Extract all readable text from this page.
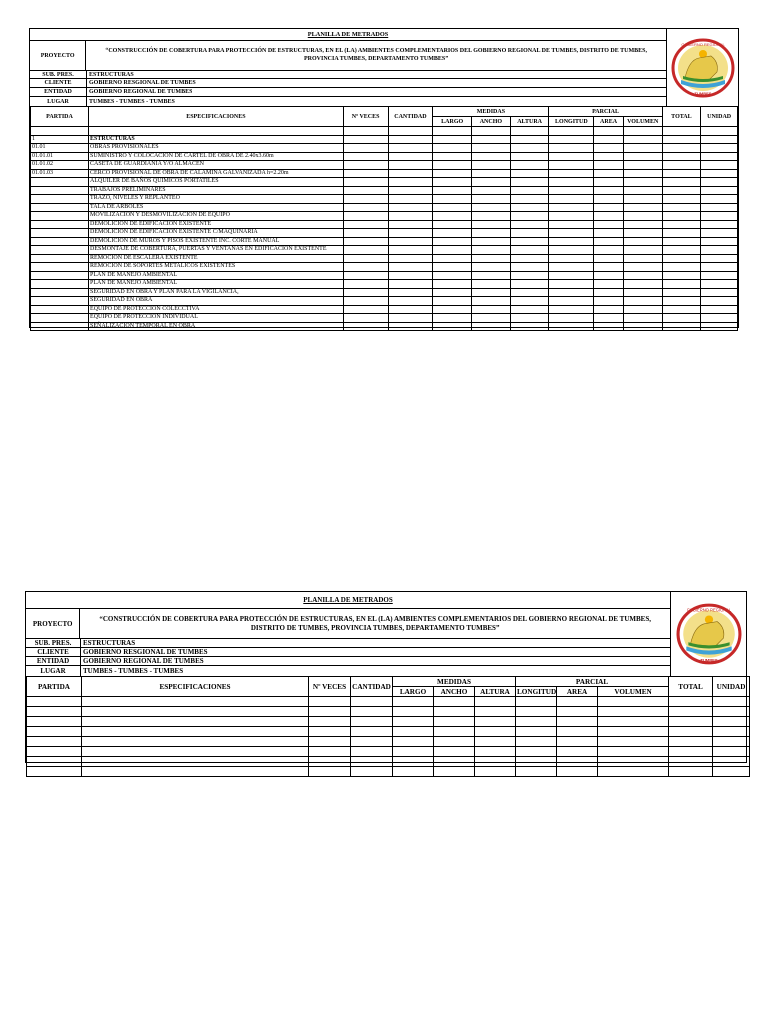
PLANILLA DE METRADOS
PROYECTO
“CONSTRUCCIÓN DE COBERTURA PARA PROTECCIÓN DE ESTRUCTURAS, EN EL (LA) AMBIENTES COMPLEMENTARIOS DEL GOBIERNO REGIONAL DE TUMBES, DISTRITO DE TUMBES, PROVINCIA TUMBES, DEPARTAMENTO TUMBES”
SUB. PRES.	ESTRUCTURAS
CLIENTE	GOBIERNO RESGIONAL DE TUMBES
ENTIDAD	GOBIERNO REGIONAL DE TUMBES
LUGAR	TUMBES - TUMBES - TUMBES
GOBIERNO REGIONAL
TUMBES
PARTIDA	ESPECIFICACIONES	Nº VECES	CANTIDAD	MEDIDAS			PARCIAL			TOTAL	UNIDAD
				LARGO	ANCHO	ALTURA	LONGITUD	AREA	VOLUMEN		

1	ESTRUCTURAS										
01.01	OBRAS PROVISIONALES										
01.01.01	SUMINISTRO Y COLOCACION DE CARTEL DE OBRA DE 2.40x3.60m										
01.01.02	CASETA DE GUARDIANIA Y/O ALMACEN										
01.01.03	CERCO PROVISIONAL DE OBRA DE CALAMINA GALVANIZADA h=2.20m										
	ALQUILER DE BAÑOS QUIMICOS PORTATILES										
	TRABAJOS PRELIMINARES										
	TRAZO, NIVELES Y REPLANTEO										
	TALA DE ARBOLES										
	MOVILIZACION Y DESMOVILIZACION DE EQUIPO										
	DEMOLICION DE EDIFICACION EXISTENTE										
	DEMOLICION DE EDIFICACION EXISTENTE C/MAQUINARIA										
	DEMOLICION DE MUROS Y PISOS EXISTENTE INC. CORTE MANUAL										
	DESMONTAJE DE COBERTURA, PUERTAS Y VENTANAS EN EDIFICACION EXISTENTE										
	REMOCION DE ESCALERA EXISTENTE										
	REMOCION DE SOPORTES METALICOS EXISTENTES										
	PLAN DE MANEJO AMBIENTAL										
	PLAN DE MANEJO AMBIENTAL										
	SEGURIDAD EN OBRA Y PLAN PARA LA VIGILANCIA,										
	SEGURIDAD EN OBRA										
	EQUIPO DE PROTECCION COLECCTIVA										
	EQUIPO DE PROTECCION INDIVIDUAL										
	SEÑALIZACION TEMPORAL EN OBRA										
PLANILLA DE METRADOS
PROYECTO
“CONSTRUCCIÓN DE COBERTURA PARA PROTECCIÓN DE ESTRUCTURAS, EN EL (LA) AMBIENTES COMPLEMENTARIOS DEL GOBIERNO REGIONAL DE TUMBES, DISTRITO DE TUMBES, PROVINCIA TUMBES, DEPARTAMENTO TUMBES”
SUB. PRES.	ESTRUCTURAS
CLIENTE	GOBIERNO RESGIONAL DE TUMBES
ENTIDAD	GOBIERNO REGIONAL DE TUMBES
LUGAR	TUMBES - TUMBES - TUMBES
GOBIERNO REGIONAL
TUMBES
PARTIDA	ESPECIFICACIONES	Nº VECES	CANTIDAD	MEDIDAS			PARCIAL			TOTAL	UNIDAD
				LARGO	ANCHO	ALTURA	LONGITUD	AREA	VOLUMEN		
